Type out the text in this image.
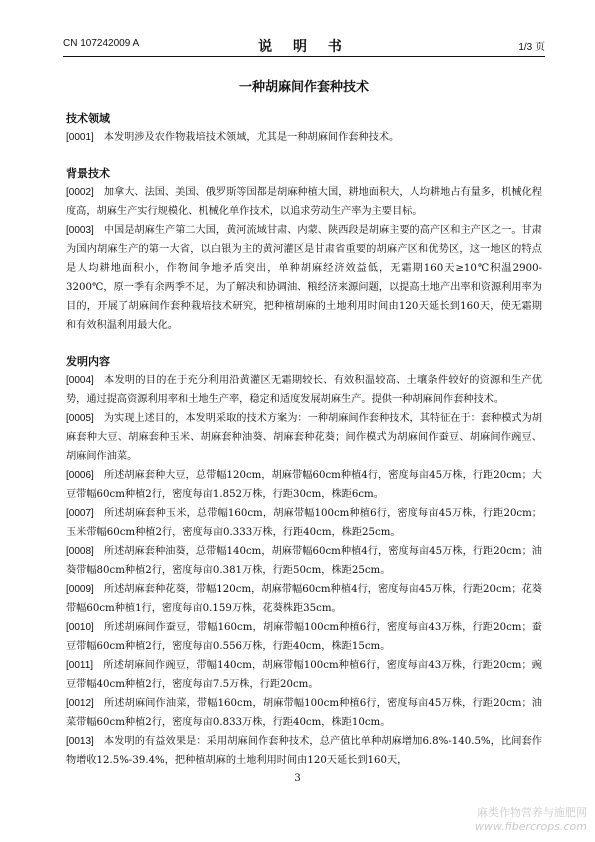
CN 107242009 A	说 明 书	1/3 页
一种胡麻间作套种技术
技术领域

[0001] 本发明涉及农作物栽培技术领域，尤其是一种胡麻间作套种技术。

背景技术

[0002] 加拿大、法国、美国、俄罗斯等国都是胡麻种植大国，耕地面积大，人均耕地占有量多，机械化程度高，胡麻生产实行规模化、机械化单作技术，以追求劳动生产率为主要目标。

[0003] 中国是胡麻生产第二大国，黄河流域甘肃、内蒙、陕西段是胡麻主要的高产区和主产区之一。甘肃为国内胡麻生产的第一大省，以白银为主的黄河灌区是甘肃省重要的胡麻产区和优势区，这一地区的特点是人均耕地面积小，作物间争地矛盾突出，单种胡麻经济效益低，无霜期160天≥10℃积温2900-3200℃，原一季有余两季不足，为了解决和协调油、粮经济来源问题，以提高土地产出率和资源利用率为目的，开展了胡麻间作套种栽培技术研究，把种植胡麻的土地利用时间由120天延长到160天，使无霜期和有效积温利用最大化。

发明内容

[0004] 本发明的目的在于充分利用沿黄灌区无霜期较长、有效积温较高、土壤条件较好的资源和生产优势，通过提高资源利用率和土地生产率，稳定和适度发展胡麻生产。提供一种胡麻间作套种技术。

[0005] 为实现上述目的，本发明采取的技术方案为：一种胡麻间作套种技术，其特征在于：套种模式为胡麻套种大豆、胡麻套种玉米、胡麻套种油葵、胡麻套种花葵；间作模式为胡麻间作蚕豆、胡麻间作豌豆、胡麻间作油菜。

[0006] 所述胡麻套种大豆，总带幅120cm，胡麻带幅60cm种植4行，密度每亩45万株，行距20cm；大豆带幅60cm种植2行，密度每亩1.852万株，行距30cm，株距6cm。

[0007] 所述胡麻套种玉米，总带幅160cm，胡麻带幅100cm种植6行，密度每亩45万株，行距20cm；玉米带幅60cm种植2行，密度每亩0.333万株，行距40cm，株距25cm。

[0008] 所述胡麻套种油葵，总带幅140cm，胡麻带幅60cm种植4行，密度每亩45万株，行距20cm；油葵带幅80cm种植2行，密度每亩0.381万株，行距50cm，株距25cm。

[0009] 所述胡麻套种花葵，带幅120cm，胡麻带幅60cm种植4行，密度每亩45万株，行距20cm；花葵带幅60cm种植1行，密度每亩0.159万株，花葵株距35cm。

[0010] 所述胡麻间作蚕豆，带幅160cm，胡麻带幅100cm种植6行，密度每亩43万株，行距20cm；蚕豆带幅60cm种植2行，密度每亩0.556万株，行距40cm，株距15cm。

[0011] 所述胡麻间作豌豆，带幅140cm，胡麻带幅100cm种植6行，密度每亩43万株，行距20cm；豌豆带幅40cm种植2行，密度每亩7.5万株，行距20cm。

[0012] 所述胡麻间作油菜，带幅160cm，胡麻带幅100cm种植6行，密度每亩45万株，行距20cm；油菜带幅60cm种植2行，密度每亩0.833万株，行距40cm，株距10cm。

[0013] 本发明的有益效果是：采用胡麻间作套种技术，总产值比单种胡麻增加6.8%-140.5%，比间套作物增收12.5%-39.4%，把种植胡麻的土地利用时间由120天延长到160天，

3
麻类作物营养与施肥网
www.fibercrops.com
